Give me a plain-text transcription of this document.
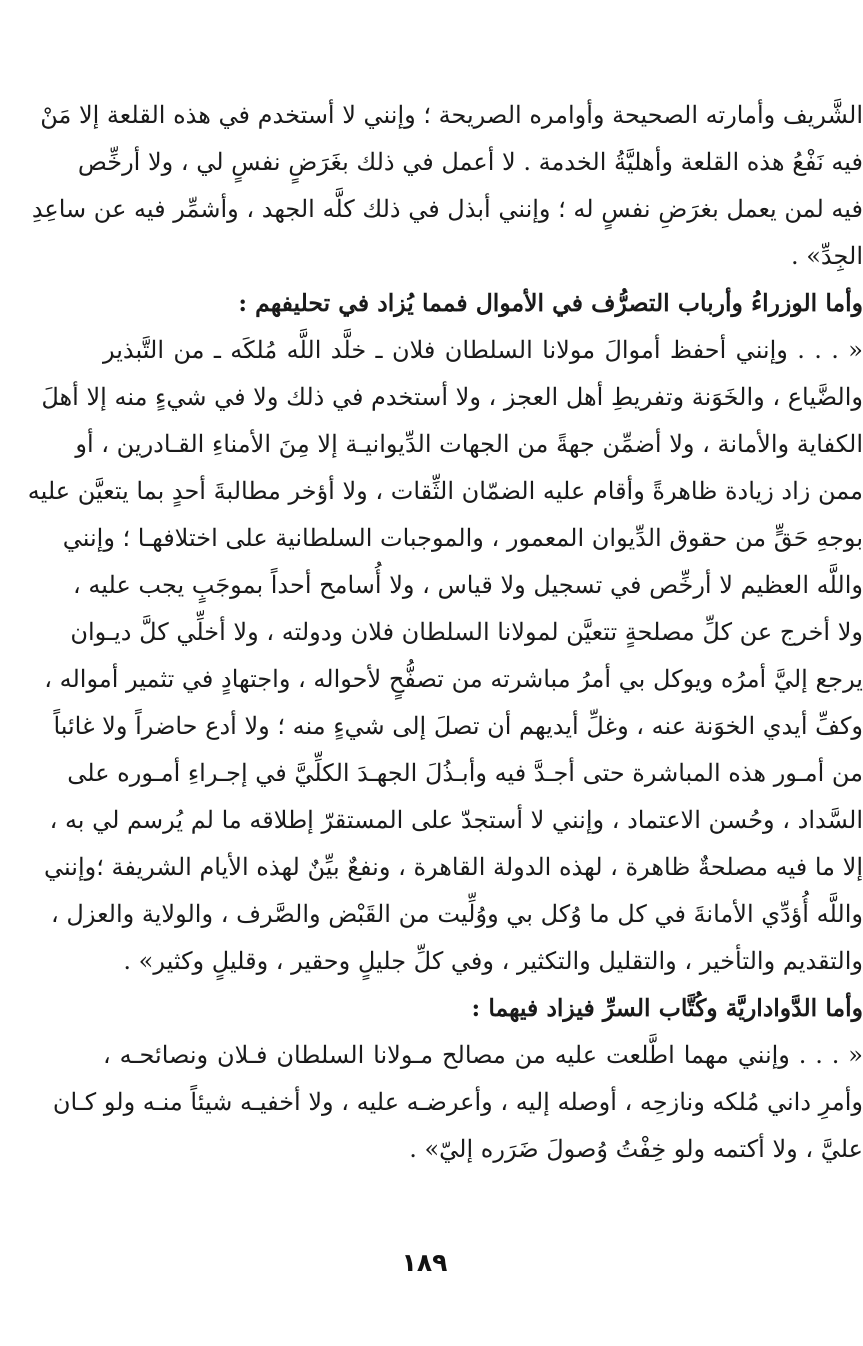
الشَّريف وأمارته الصحيحة وأوامره الصريحة ؛ وإنني لا أستخدم في هذه القلعة إلا مَنْ
فيه نَفْعُ هذه القلعة وأهليَّةُ الخدمة . لا أعمل في ذلك بغَرَضٍ نفسٍ لي ، ولا أرخِّص
فيه لمن يعمل بغرَضِ نفسٍ له ؛ وإنني أبذل في ذلك كلَّه الجهد ، وأشمِّر فيه عن ساعِدِ
الجِدِّ» .
وأما الوزراءُ وأرباب التصرُّف في الأموال فمما يُزاد في تحليفهم :
« . . . وإنني أحفظ أموالَ مولانا السلطان فلان ـ خلَّد اللَّه مُلكَه ـ من التَّبذير
والضَّياع ، والخَوَنة وتفريطِ أهل العجز ، ولا أستخدم في ذلك ولا في شيءٍ منه إلا أهلَ
الكفاية والأمانة ، ولا أضمِّن جهةً من الجهات الدِّيوانيـة إلا مِنَ الأمناءِ القـادرين ، أو
ممن زاد زيادة ظاهرةً وأقام عليه الضمّان الثِّقات ، ولا أؤخر مطالبةَ أحدٍ بما يتعيَّن عليه
بوجهِ حَقٍّ من حقوق الدِّيوان المعمور ، والموجبات السلطانية على اختلافهـا ؛ وإنني
واللَّه العظيم لا أرخِّص في تسجيل ولا قياس ، ولا أُسامح أحداً بموجَبٍ يجب عليه ،
ولا أخرج عن كلِّ مصلحةٍ تتعيَّن لمولانا السلطان فلان ودولته ، ولا أخلِّي كلَّ ديـوان
يرجع إليَّ أمرُه ويوكل بي أمرُ مباشرته من تصفُّحٍ لأحواله ، واجتهادٍ في تثمير أمواله ،
وكفِّ أيدي الخوَنة عنه ، وغلِّ أيديهم أن تصلَ إلى شيءٍ منه ؛ ولا أدع حاضراً ولا غائباً
من أمـور هذه المباشرة حتى أجـدَّ فيه وأبـذُلَ الجهـدَ الكلِّيَّ في إجـراءِ أمـوره على
السَّداد ، وحُسن الاعتماد ، وإنني لا أستجدّ على المستقرّ إطلاقه ما لم يُرسم لي به ،
إلا ما فيه مصلحةٌ ظاهرة ، لهذه الدولة القاهرة ، ونفعٌ بيِّنٌ لهذه الأيام الشريفة ؛وإنني
واللَّه أُؤدِّي الأمانةَ في كل ما وُكل بي ووُلِّيت من القَبْض والصَّرف ، والولاية والعزل ،
والتقديم والتأخير ، والتقليل والتكثير ، وفي كلِّ جليلٍ وحقير ، وقليلٍ وكثير» .
وأما الدَّواداريَّة وكُتَّاب السرِّ فيزاد فيهما :
« . . . وإنني مهما اطَّلعت عليه من مصالح مـولانا السلطان فـلان ونصائحـه ،
وأمرِ داني مُلكه ونازحِه ، أوصله إليه ، وأعرضـه عليه ، ولا أخفيـه شيئاً منـه ولو كـان
عليَّ ، ولا أكتمه ولو خِفْتُ وُصولَ ضَرَره إليّ» .
١٨٩
